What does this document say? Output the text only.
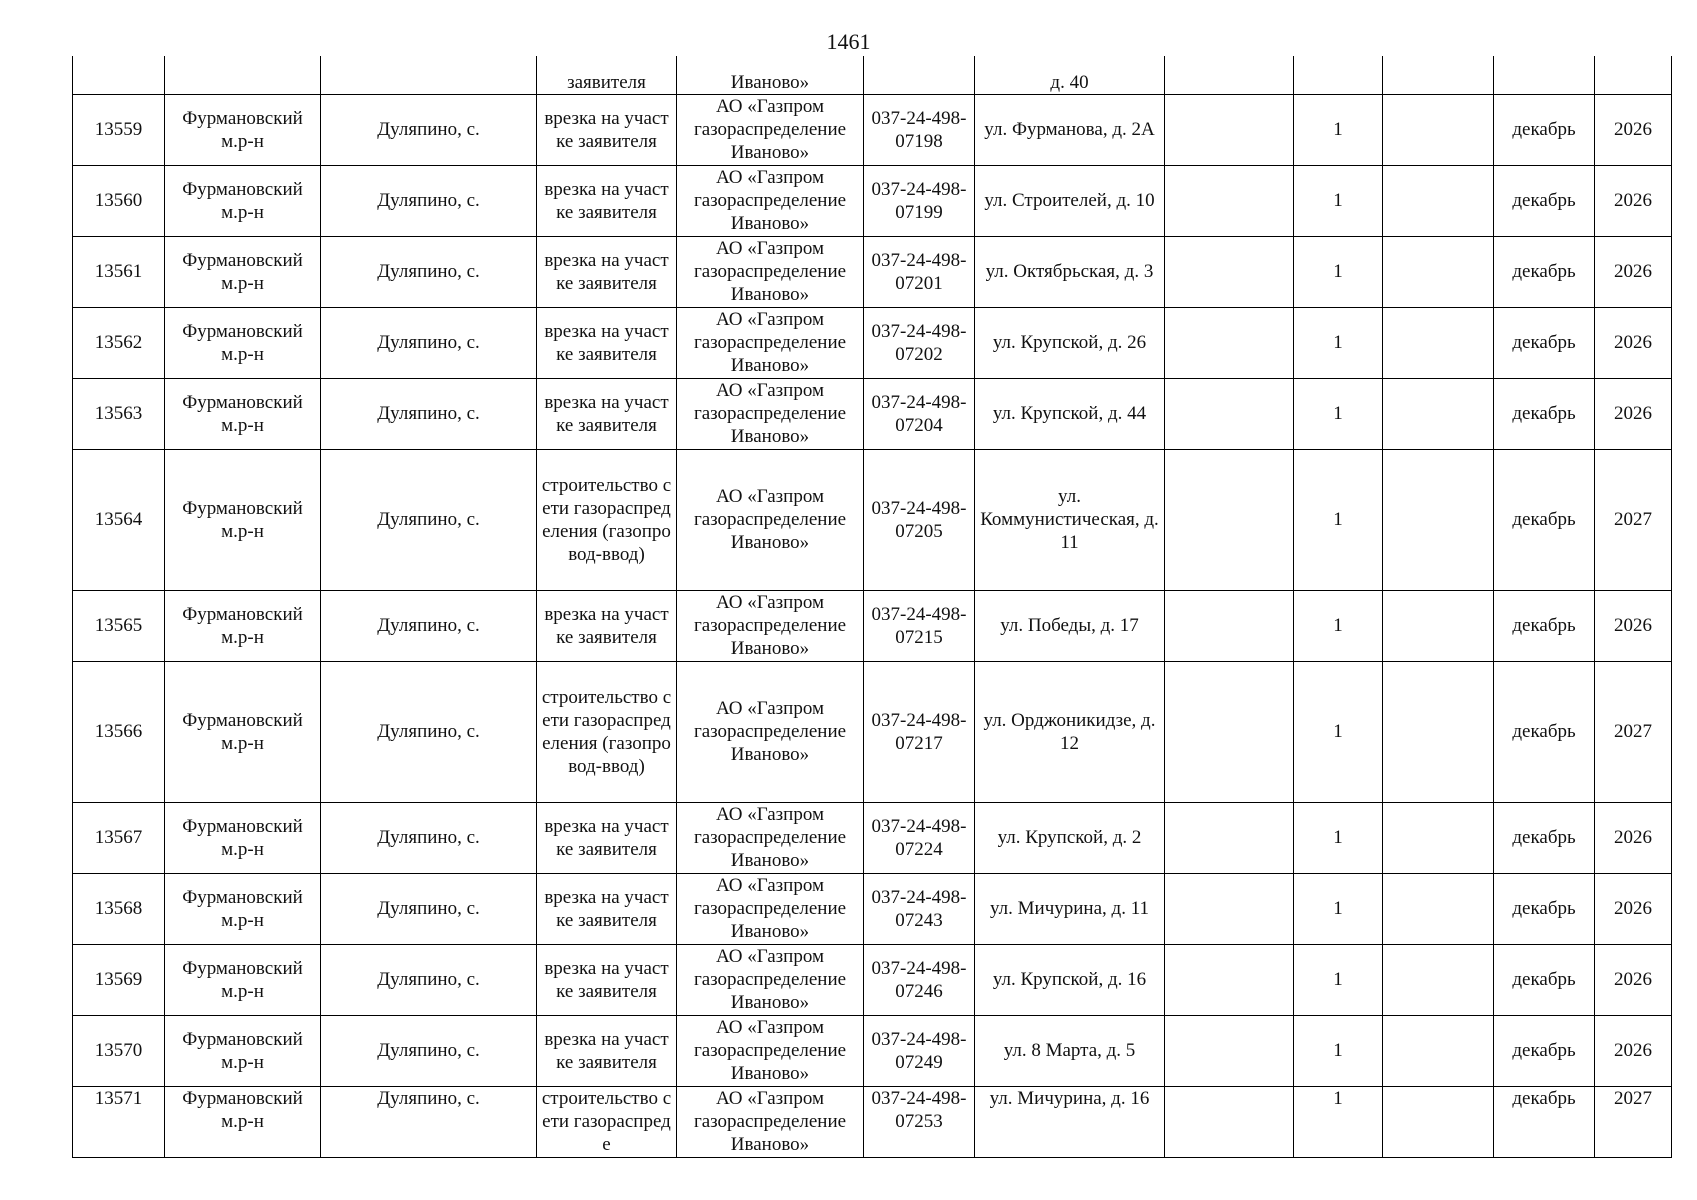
1461
			заявителя	Иваново»		д. 40					
13559	Фурмановский м.р-н	Дуляпино, с.	врезка на участке заявителя	АО «Газпром газораспределение Иваново»	037-24-498-07198	ул. Фурманова, д. 2А		1		декабрь	2026
13560	Фурмановский м.р-н	Дуляпино, с.	врезка на участке заявителя	АО «Газпром газораспределение Иваново»	037-24-498-07199	ул. Строителей, д. 10		1		декабрь	2026
13561	Фурмановский м.р-н	Дуляпино, с.	врезка на участке заявителя	АО «Газпром газораспределение Иваново»	037-24-498-07201	ул. Октябрьская, д. 3		1		декабрь	2026
13562	Фурмановский м.р-н	Дуляпино, с.	врезка на участке заявителя	АО «Газпром газораспределение Иваново»	037-24-498-07202	ул. Крупской, д. 26		1		декабрь	2026
13563	Фурмановский м.р-н	Дуляпино, с.	врезка на участке заявителя	АО «Газпром газораспределение Иваново»	037-24-498-07204	ул. Крупской, д. 44		1		декабрь	2026
13564	Фурмановский м.р-н	Дуляпино, с.	строительство сети газораспределения (газопровод-ввод)	АО «Газпром газораспределение Иваново»	037-24-498-07205	ул. Коммунистическая, д. 11		1		декабрь	2027
13565	Фурмановский м.р-н	Дуляпино, с.	врезка на участке заявителя	АО «Газпром газораспределение Иваново»	037-24-498-07215	ул. Победы, д. 17		1		декабрь	2026
13566	Фурмановский м.р-н	Дуляпино, с.	строительство сети газораспределения (газопровод-ввод)	АО «Газпром газораспределение Иваново»	037-24-498-07217	ул. Орджоникидзе, д. 12		1		декабрь	2027
13567	Фурмановский м.р-н	Дуляпино, с.	врезка на участке заявителя	АО «Газпром газораспределение Иваново»	037-24-498-07224	ул. Крупской, д. 2		1		декабрь	2026
13568	Фурмановский м.р-н	Дуляпино, с.	врезка на участке заявителя	АО «Газпром газораспределение Иваново»	037-24-498-07243	ул. Мичурина, д. 11		1		декабрь	2026
13569	Фурмановский м.р-н	Дуляпино, с.	врезка на участке заявителя	АО «Газпром газораспределение Иваново»	037-24-498-07246	ул. Крупской, д. 16		1		декабрь	2026
13570	Фурмановский м.р-н	Дуляпино, с.	врезка на участке заявителя	АО «Газпром газораспределение Иваново»	037-24-498-07249	ул. 8 Марта, д. 5		1		декабрь	2026
13571	Фурмановский м.р-н	Дуляпино, с.	строительство сети газораспреде	АО «Газпром газораспределение Иваново»	037-24-498-07253	ул. Мичурина, д. 16		1		декабрь	2027
